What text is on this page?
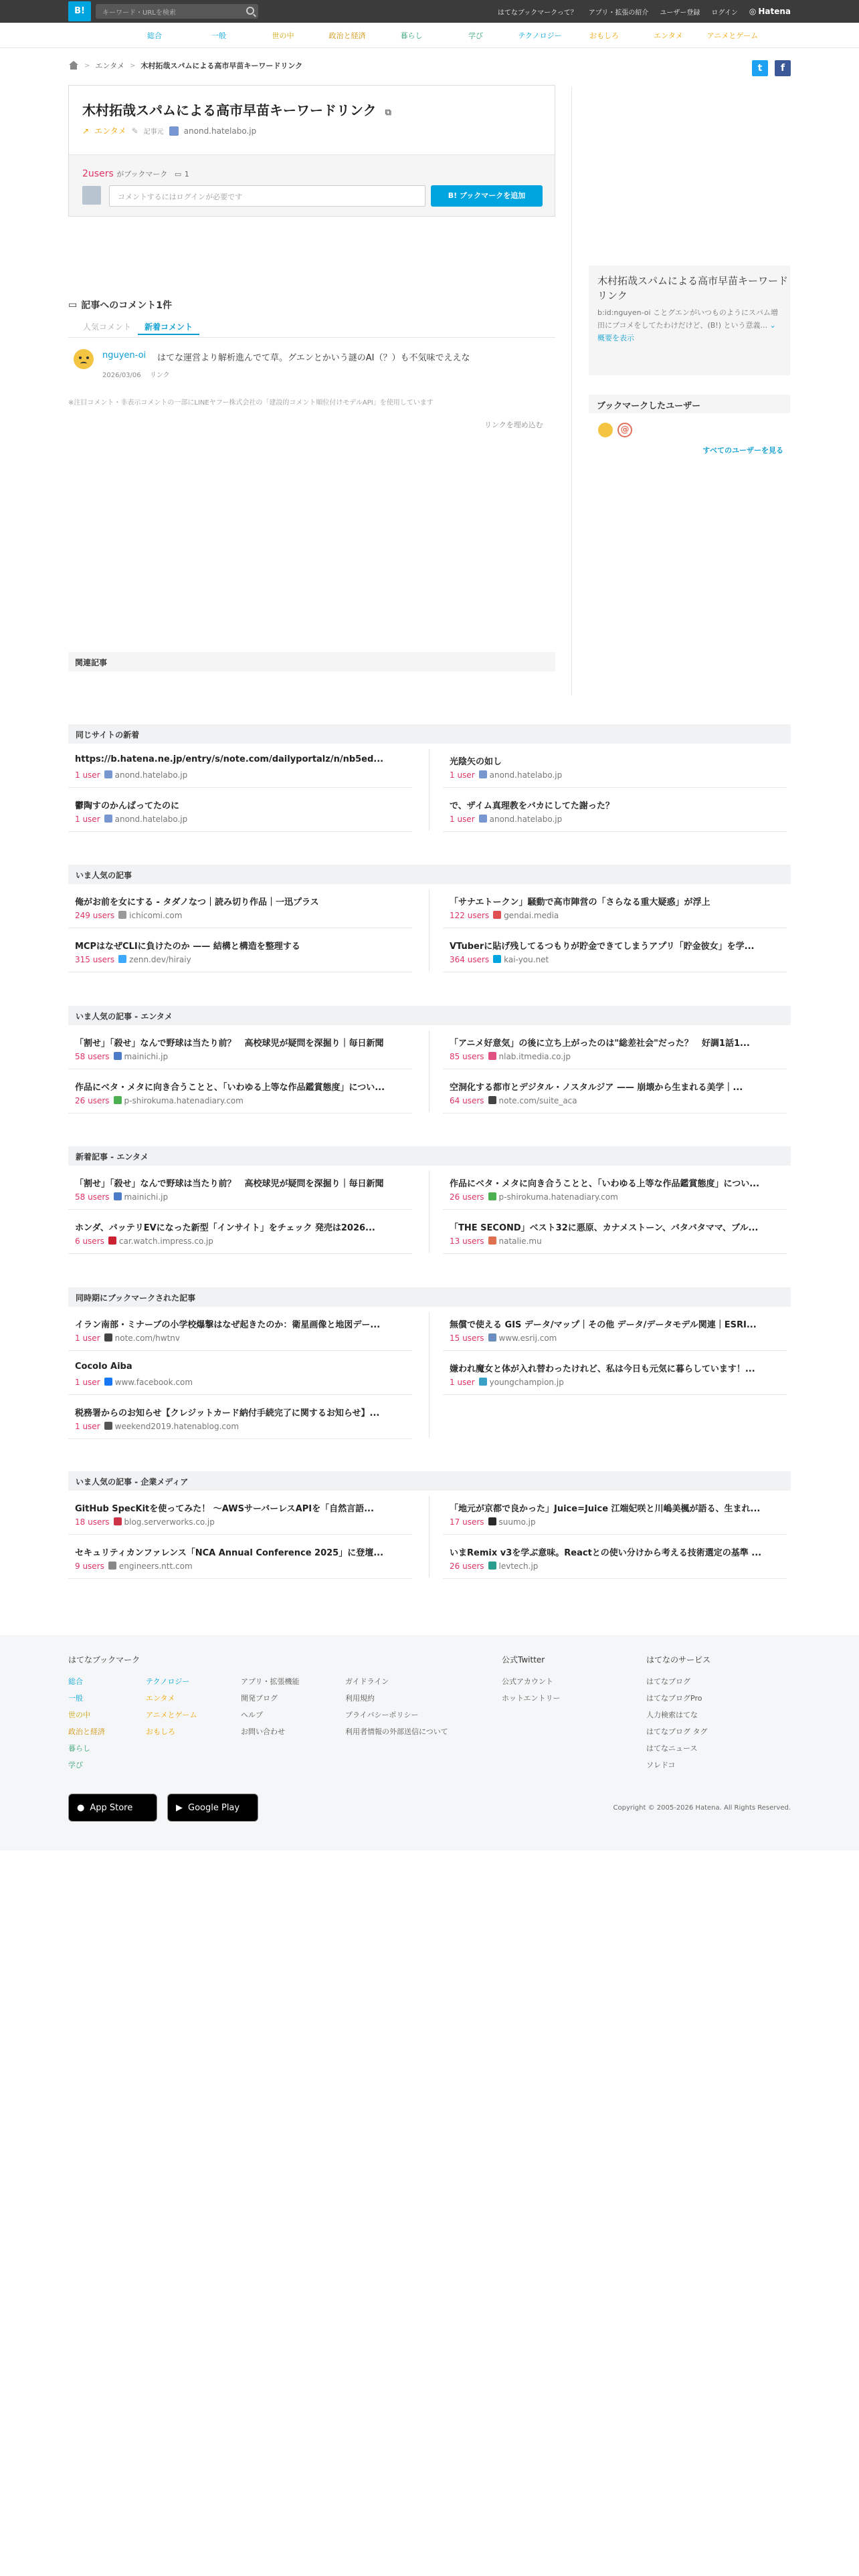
B!	キーワード・URLを検索	はてなブックマークって？ アプリ・拡張の紹介 ユーザー登録 ログイン ◎ Hatena
総合	一般	世の中	政治と経済	暮らし	学び	テクノロジー	おもしろ	エンタメ	アニメとゲーム
> エンタメ > 木村拓哉スパムによる高市早苗キーワードリンク	t	f
木村拓哉スパムによる高市早苗キーワードリンク ⧉
↗ エンタメ ✎ 記事元	anond.hatelabo.jp
2users がブックマーク ▭ 1
コメントするにはログインが必要です	B! ブックマークを追加
木村拓哉スパムによる高市早苗キーワードリンク
b:id:nguyen-oi ことグエンがいつものようにスパム増田にブコメをしてたわけだけど、(B!) という意義... ⌄ 概要を表示
▭ 記事へのコメント1件
人気コメント	新着コメント
nguyen-oi はてな運営より解析進んでて草。グエンとかいう謎のAI（？）も不気味でええな
2026/03/06 リンク
※注目コメント・非表示コメントの一部にLINEヤフー株式会社の「建設的コメント順位付けモデルAPI」を使用しています
リンクを埋め込む
ブックマークしたユーザー
@
すべてのユーザーを見る
関連記事
同じサイトの新着
https://b.hatena.ne.jp/entry/s/note.com/dailyportalz/n/nb5ed...
1 user anond.hatelabo.jp
光陰矢の如し
1 user anond.hatelabo.jp
鬱陶すのかんばってたのに
1 user anond.hatelabo.jp
で、ザイム真理教をバカにしてた謝った？
1 user anond.hatelabo.jp
いま人気の記事
俺がお前を女にする - タダノなつ｜読み切り作品｜一迅プラス
249 users ichicomi.com
「サナエトークン」騒動で高市陣営の「さらなる重大疑惑」が浮上
122 users gendai.media
MCPはなぜCLIに負けたのか —— 結構と構造を整理する
315 users zenn.dev/hiraiy
VTuberに貼げ残してるつもりが貯金できてしまうアプリ「貯金彼女」を学...
364 users kai-you.net
いま人気の記事 - エンタメ
「割せ」「殺せ」なんで野球は当たり前？　高校球児が疑問を深掘り｜毎日新聞
58 users mainichi.jp
「アニメ好意気」の後に立ち上がったのは"総差社会"だった？　好調1話1...
85 users nlab.itmedia.co.jp
作品にベタ・メタに向き合うことと、「いわゆる上等な作品鑑賞態度」につい...
26 users p-shirokuma.hatenadiary.com
空洞化する都市とデジタル・ノスタルジア —— 崩壊から生まれる美学｜...
64 users note.com/suite_aca
新着記事 - エンタメ
「割せ」「殺せ」なんで野球は当たり前？　高校球児が疑問を深掘り｜毎日新聞
58 users mainichi.jp
作品にベタ・メタに向き合うことと、「いわゆる上等な作品鑑賞態度」につい...
26 users p-shirokuma.hatenadiary.com
ホンダ、バッテリEVになった新型「インサイト」をチェック 発売は2026...
6 users car.watch.impress.co.jp
「THE SECOND」ベスト32に悪原、カナメストーン、バタバタママ、ブル...
13 users natalie.mu
同時期にブックマークされた記事
イラン南部・ミナーブの小学校爆撃はなぜ起きたのか：衛星画像と地図デー...
1 user note.com/hwtnv
無償で使える GIS データ/マップ｜その他 データ/データモデル関連｜ESRI...
15 users www.esrij.com
Cocolo Aiba
1 user www.facebook.com
嫌われ魔女と体が入れ替わったけれど、私は今日も元気に暮らしています！...
1 user youngchampion.jp
税務署からのお知らせ【クレジットカード納付手続完了に関するお知らせ】...
1 user weekend2019.hatenablog.com
いま人気の記事 - 企業メディア
GitHub SpecKitを使ってみた！ ～AWSサーバーレスAPIを「自然言語...
18 users blog.serverworks.co.jp
「地元が京都で良かった」Juice=Juice 江端妃咲と川嶋美楓が語る、生まれ...
17 users suumo.jp
セキュリティカンファレンス「NCA Annual Conference 2025」に登壇...
9 users engineers.ntt.com
いまRemix v3を学ぶ意味。Reactとの使い分けから考える技術選定の基準 ...
26 users levtech.jp
はてなブックマーク
総合
一般
世の中
政治と経済
暮らし
学び
テクノロジー
エンタメ
アニメとゲーム
おもしろ
アプリ・拡張機能
開発ブログ
ヘルプ
お問い合わせ
ガイドライン
利用規約
プライバシーポリシー
利用者情報の外部送信について
公式Twitter
公式アカウント
ホットエントリー
はてなのサービス
はてなブログ
はてなブログPro
人力検索はてな
はてなブログ タグ
はてなニュース
ソレドコ
● App Store	▶ Google Play	Copyright © 2005-2026 Hatena. All Rights Reserved.
